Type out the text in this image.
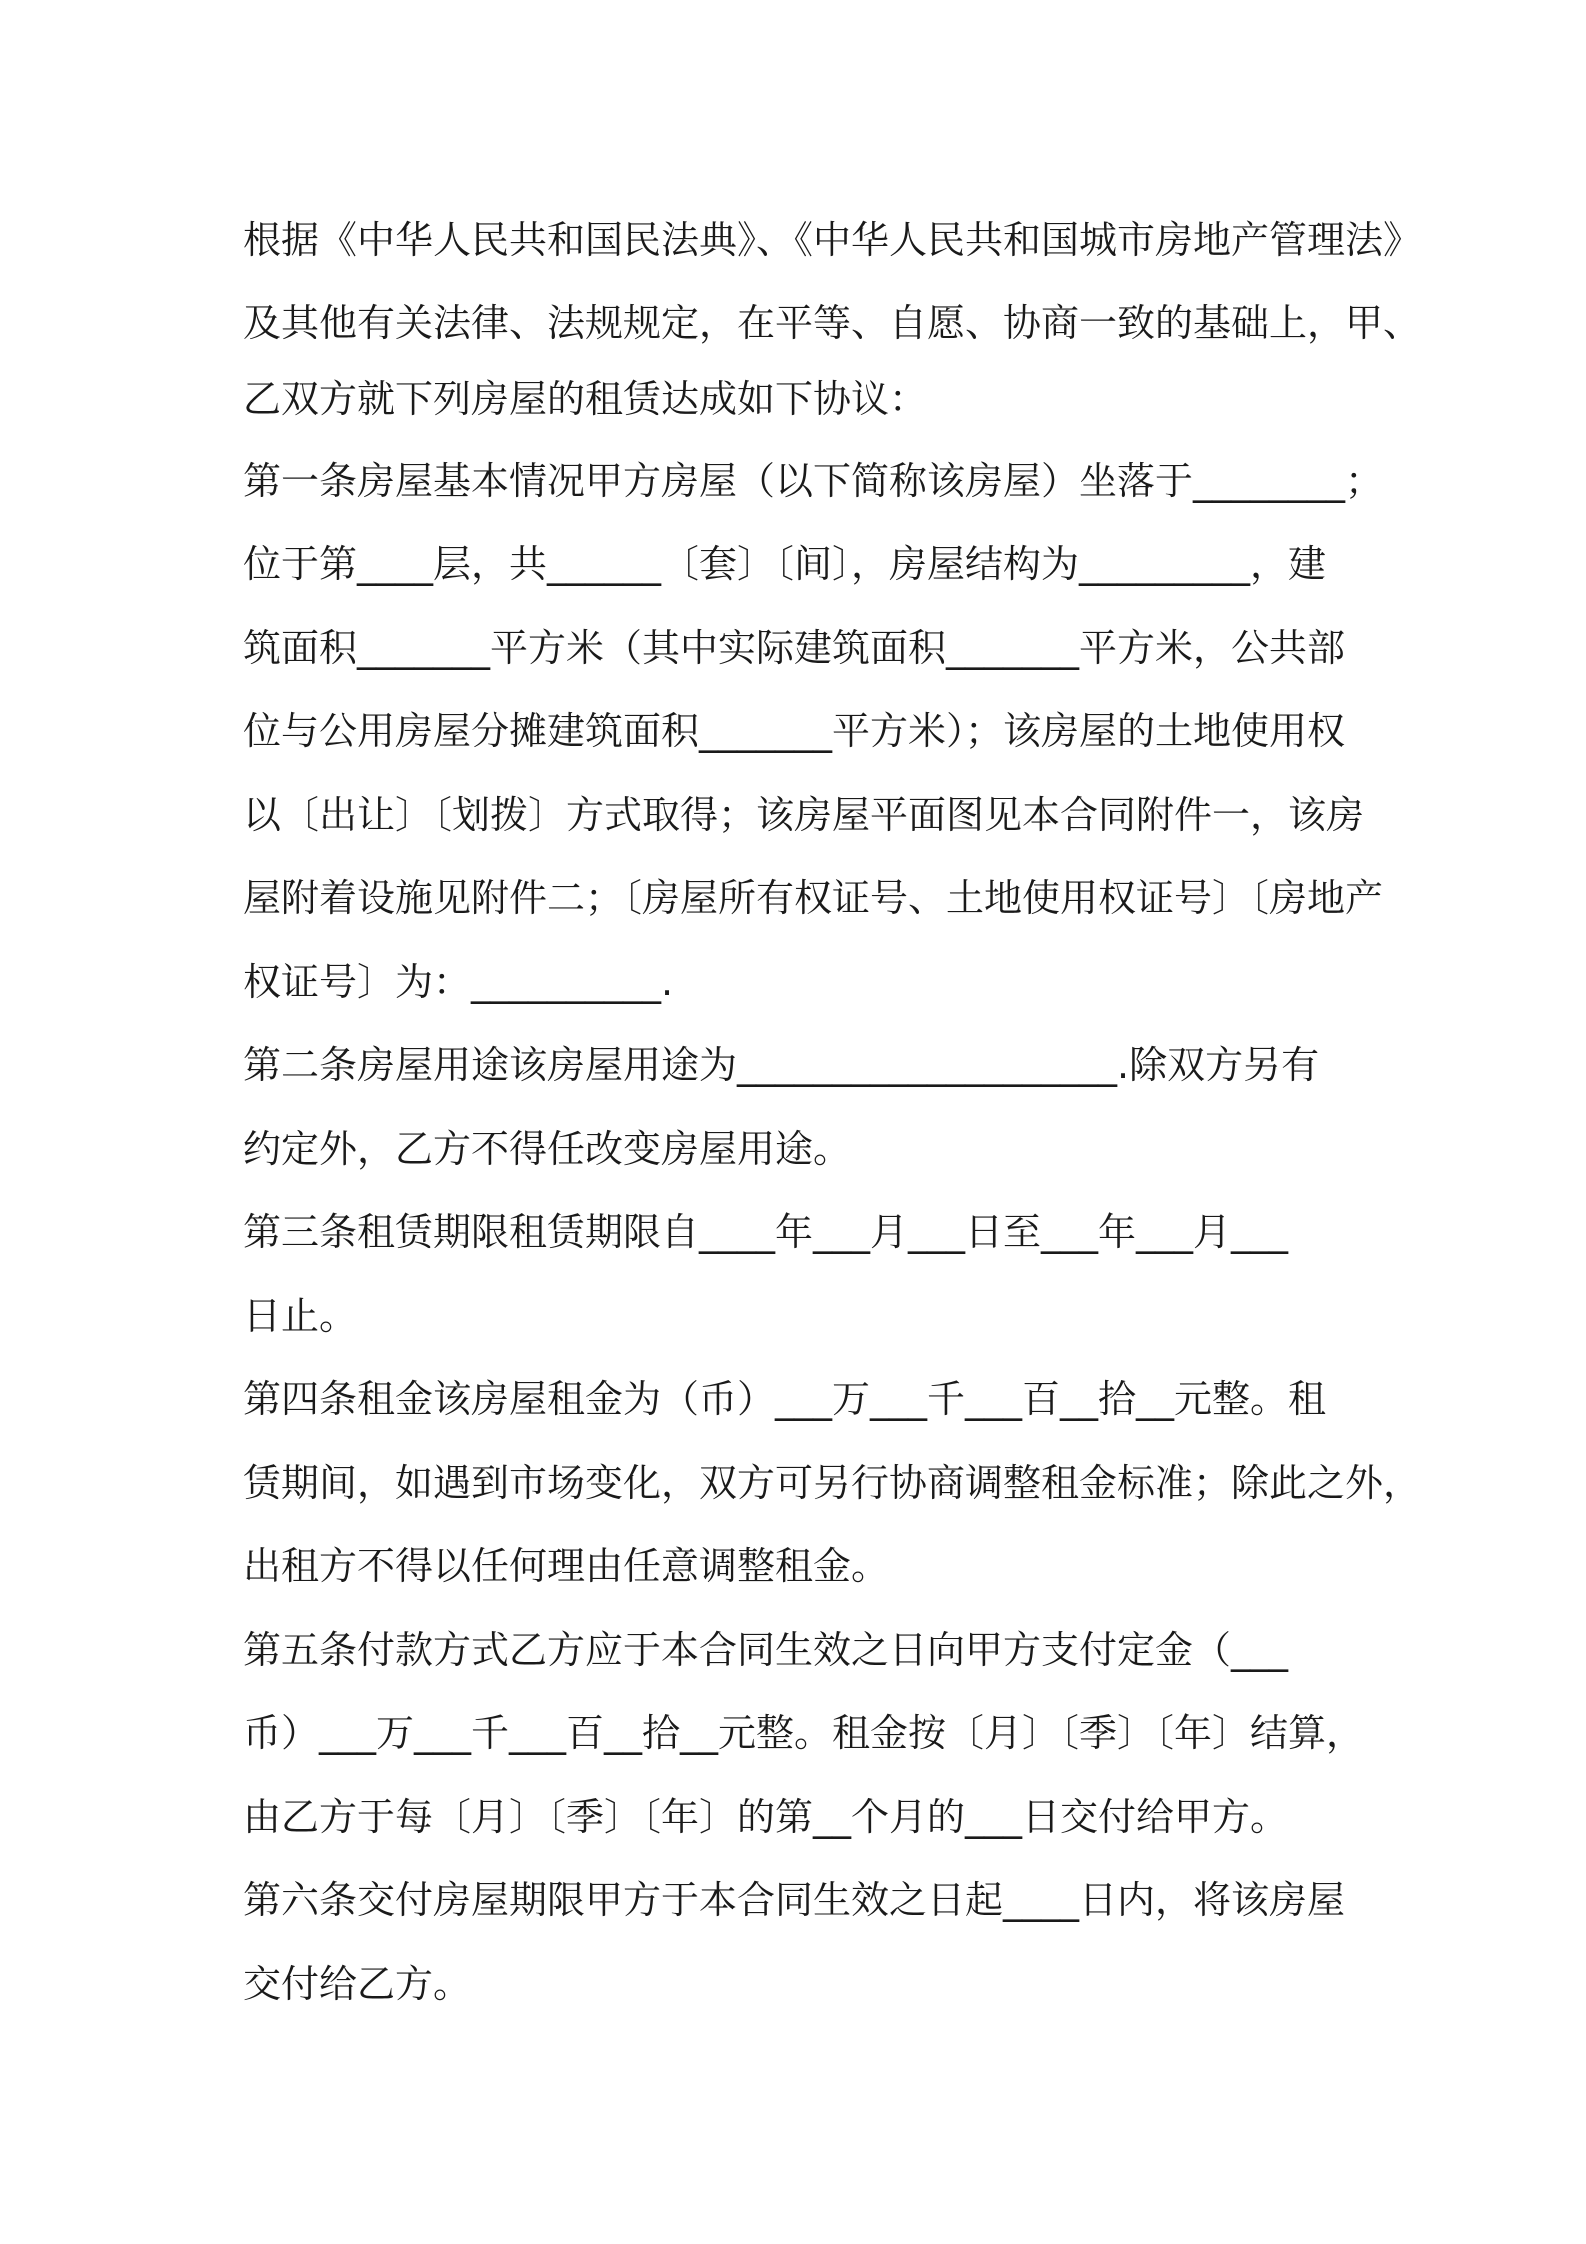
根据《中华人民共和国民法典》、《中华人民共和国城市房地产管理法》

及其他有关法律、法规规定，在平等、自愿、协商一致的基础上，甲、

乙双方就下列房屋的租赁达成如下协议：

第一条房屋基本情况甲方房屋（以下简称该房屋）坐落于________；

位于第____层，共______〔套〕〔间〕，房屋结构为_________，建

筑面积_______平方米（其中实际建筑面积_______平方米，公共部

位与公用房屋分摊建筑面积_______平方米）；该房屋的土地使用权

以〔出让〕〔划拨〕方式取得；该房屋平面图见本合同附件一，该房

屋附着设施见附件二；〔房屋所有权证号、土地使用权证号〕〔房地产

权证号〕为：__________.

第二条房屋用途该房屋用途为____________________.除双方另有

约定外，乙方不得任改变房屋用途。

第三条租赁期限租赁期限自____年___月___日至___年___月___

日止。

第四条租金该房屋租金为（币）___万___千___百__拾__元整。租

赁期间，如遇到市场变化，双方可另行协商调整租金标准；除此之外，

出租方不得以任何理由任意调整租金。

第五条付款方式乙方应于本合同生效之日向甲方支付定金（___

币）___万___千___百__拾__元整。租金按〔月〕〔季〕〔年〕结算，

由乙方于每〔月〕〔季〕〔年〕的第__个月的___日交付给甲方。

第六条交付房屋期限甲方于本合同生效之日起____日内，将该房屋

交付给乙方。
